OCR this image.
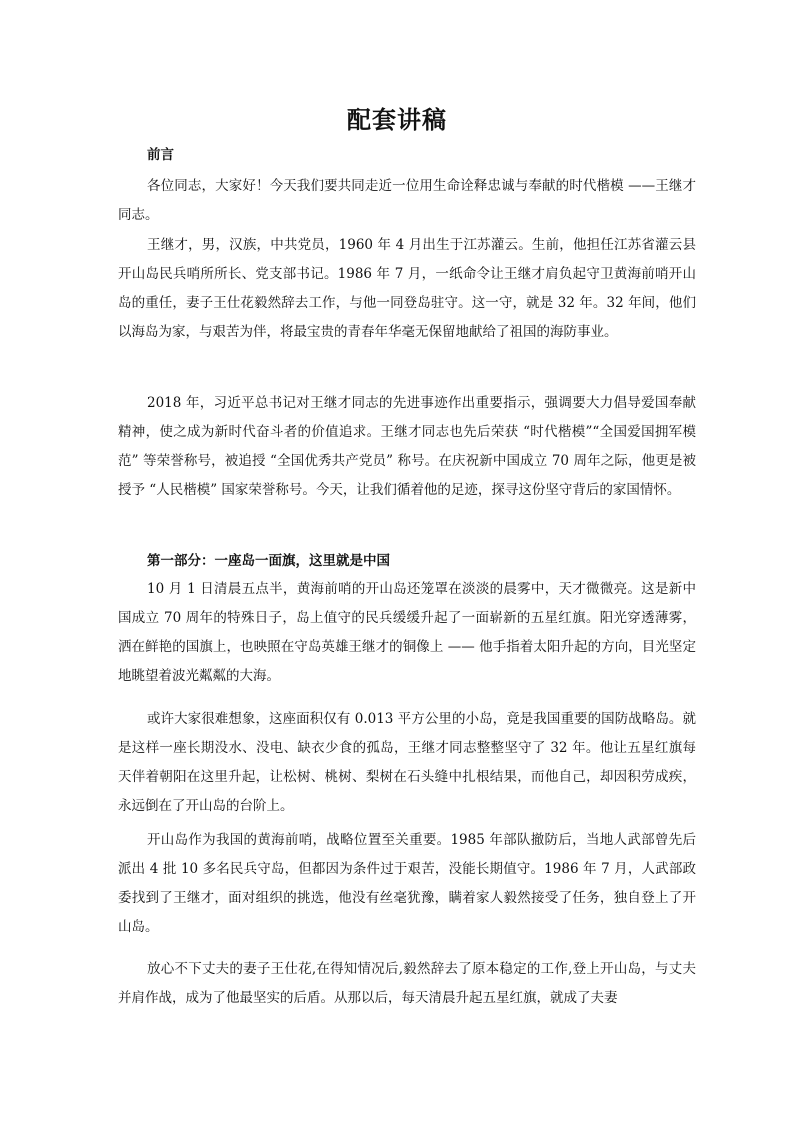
配套讲稿
前言

各位同志，大家好！今天我们要共同走近一位用生命诠释忠诚与奉献的时代楷模 ——王继才同志。

王继才，男，汉族，中共党员，1960 年 4 月出生于江苏灌云。生前，他担任江苏省灌云县开山岛民兵哨所所长、党支部书记。1986 年 7 月，一纸命令让王继才肩负起守卫黄海前哨开山岛的重任，妻子王仕花毅然辞去工作，与他一同登岛驻守。这一守，就是 32 年。32 年间，他们以海岛为家，与艰苦为伴，将最宝贵的青春年华毫无保留地献给了祖国的海防事业。

2018 年，习近平总书记对王继才同志的先进事迹作出重要指示，强调要大力倡导爱国奉献精神，使之成为新时代奋斗者的价值追求。王继才同志也先后荣获 “时代楷模”“全国爱国拥军模范” 等荣誉称号，被追授 “全国优秀共产党员” 称号。在庆祝新中国成立 70 周年之际，他更是被授予 “人民楷模” 国家荣誉称号。今天，让我们循着他的足迹，探寻这份坚守背后的家国情怀。

第一部分：一座岛一面旗，这里就是中国

10 月 1 日清晨五点半，黄海前哨的开山岛还笼罩在淡淡的晨雾中，天才微微亮。这是新中国成立 70 周年的特殊日子，岛上值守的民兵缓缓升起了一面崭新的五星红旗。阳光穿透薄雾，洒在鲜艳的国旗上，也映照在守岛英雄王继才的铜像上 —— 他手指着太阳升起的方向，目光坚定地眺望着波光粼粼的大海。

或许大家很难想象，这座面积仅有 0.013 平方公里的小岛，竟是我国重要的国防战略岛。就是这样一座长期没水、没电、缺衣少食的孤岛，王继才同志整整坚守了 32 年。他让五星红旗每天伴着朝阳在这里升起，让松树、桃树、梨树在石头缝中扎根结果，而他自己，却因积劳成疾，永远倒在了开山岛的台阶上。

开山岛作为我国的黄海前哨，战略位置至关重要。1985 年部队撤防后，当地人武部曾先后派出 4 批 10 多名民兵守岛，但都因为条件过于艰苦，没能长期值守。1986 年 7 月，人武部政委找到了王继才，面对组织的挑选，他没有丝毫犹豫，瞒着家人毅然接受了任务，独自登上了开山岛。

放心不下丈夫的妻子王仕花,在得知情况后,毅然辞去了原本稳定的工作,登上开山岛，与丈夫并肩作战，成为了他最坚实的后盾。从那以后，每天清晨升起五星红旗，就成了夫妻
